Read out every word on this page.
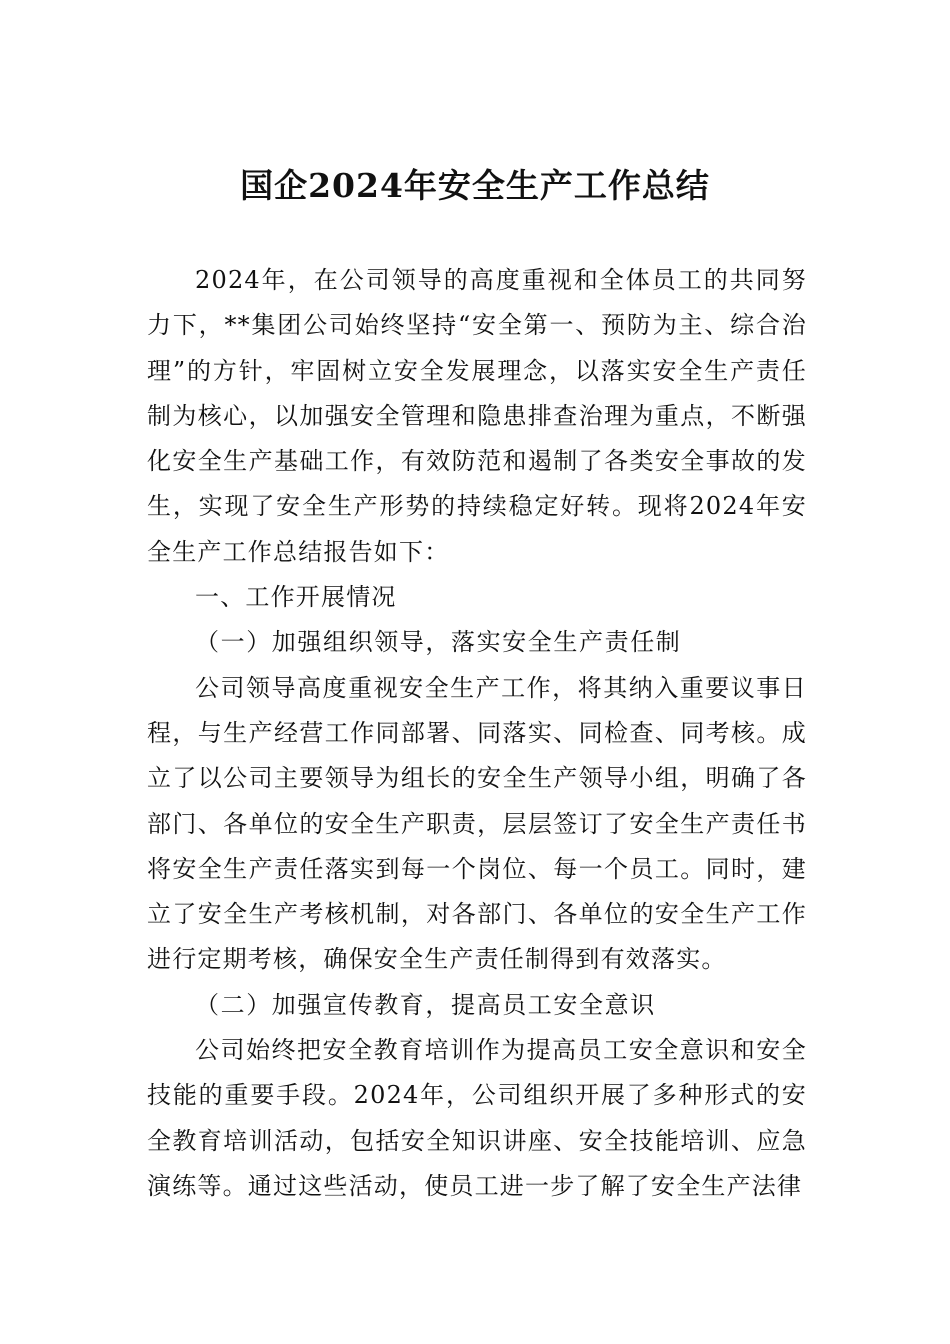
国企2024年安全生产工作总结

2024年，在公司领导的高度重视和全体员工的共同努力下，**集团公司始终坚持“安全第一、预防为主、综合治理”的方针，牢固树立安全发展理念，以落实安全生产责任制为核心，以加强安全管理和隐患排查治理为重点，不断强化安全生产基础工作，有效防范和遏制了各类安全事故的发生，实现了安全生产形势的持续稳定好转。现将2024年安全生产工作总结报告如下：

一、工作开展情况

（一）加强组织领导，落实安全生产责任制

公司领导高度重视安全生产工作，将其纳入重要议事日程，与生产经营工作同部署、同落实、同检查、同考核。成立了以公司主要领导为组长的安全生产领导小组，明确了各部门、各单位的安全生产职责，层层签订了安全生产责任书将安全生产责任落实到每一个岗位、每一个员工。同时，建立了安全生产考核机制，对各部门、各单位的安全生产工作进行定期考核，确保安全生产责任制得到有效落实。

（二）加强宣传教育，提高员工安全意识

公司始终把安全教育培训作为提高员工安全意识和安全技能的重要手段。2024年，公司组织开展了多种形式的安全教育培训活动，包括安全知识讲座、安全技能培训、应急演练等。通过这些活动，使员工进一步了解了安全生产法律
